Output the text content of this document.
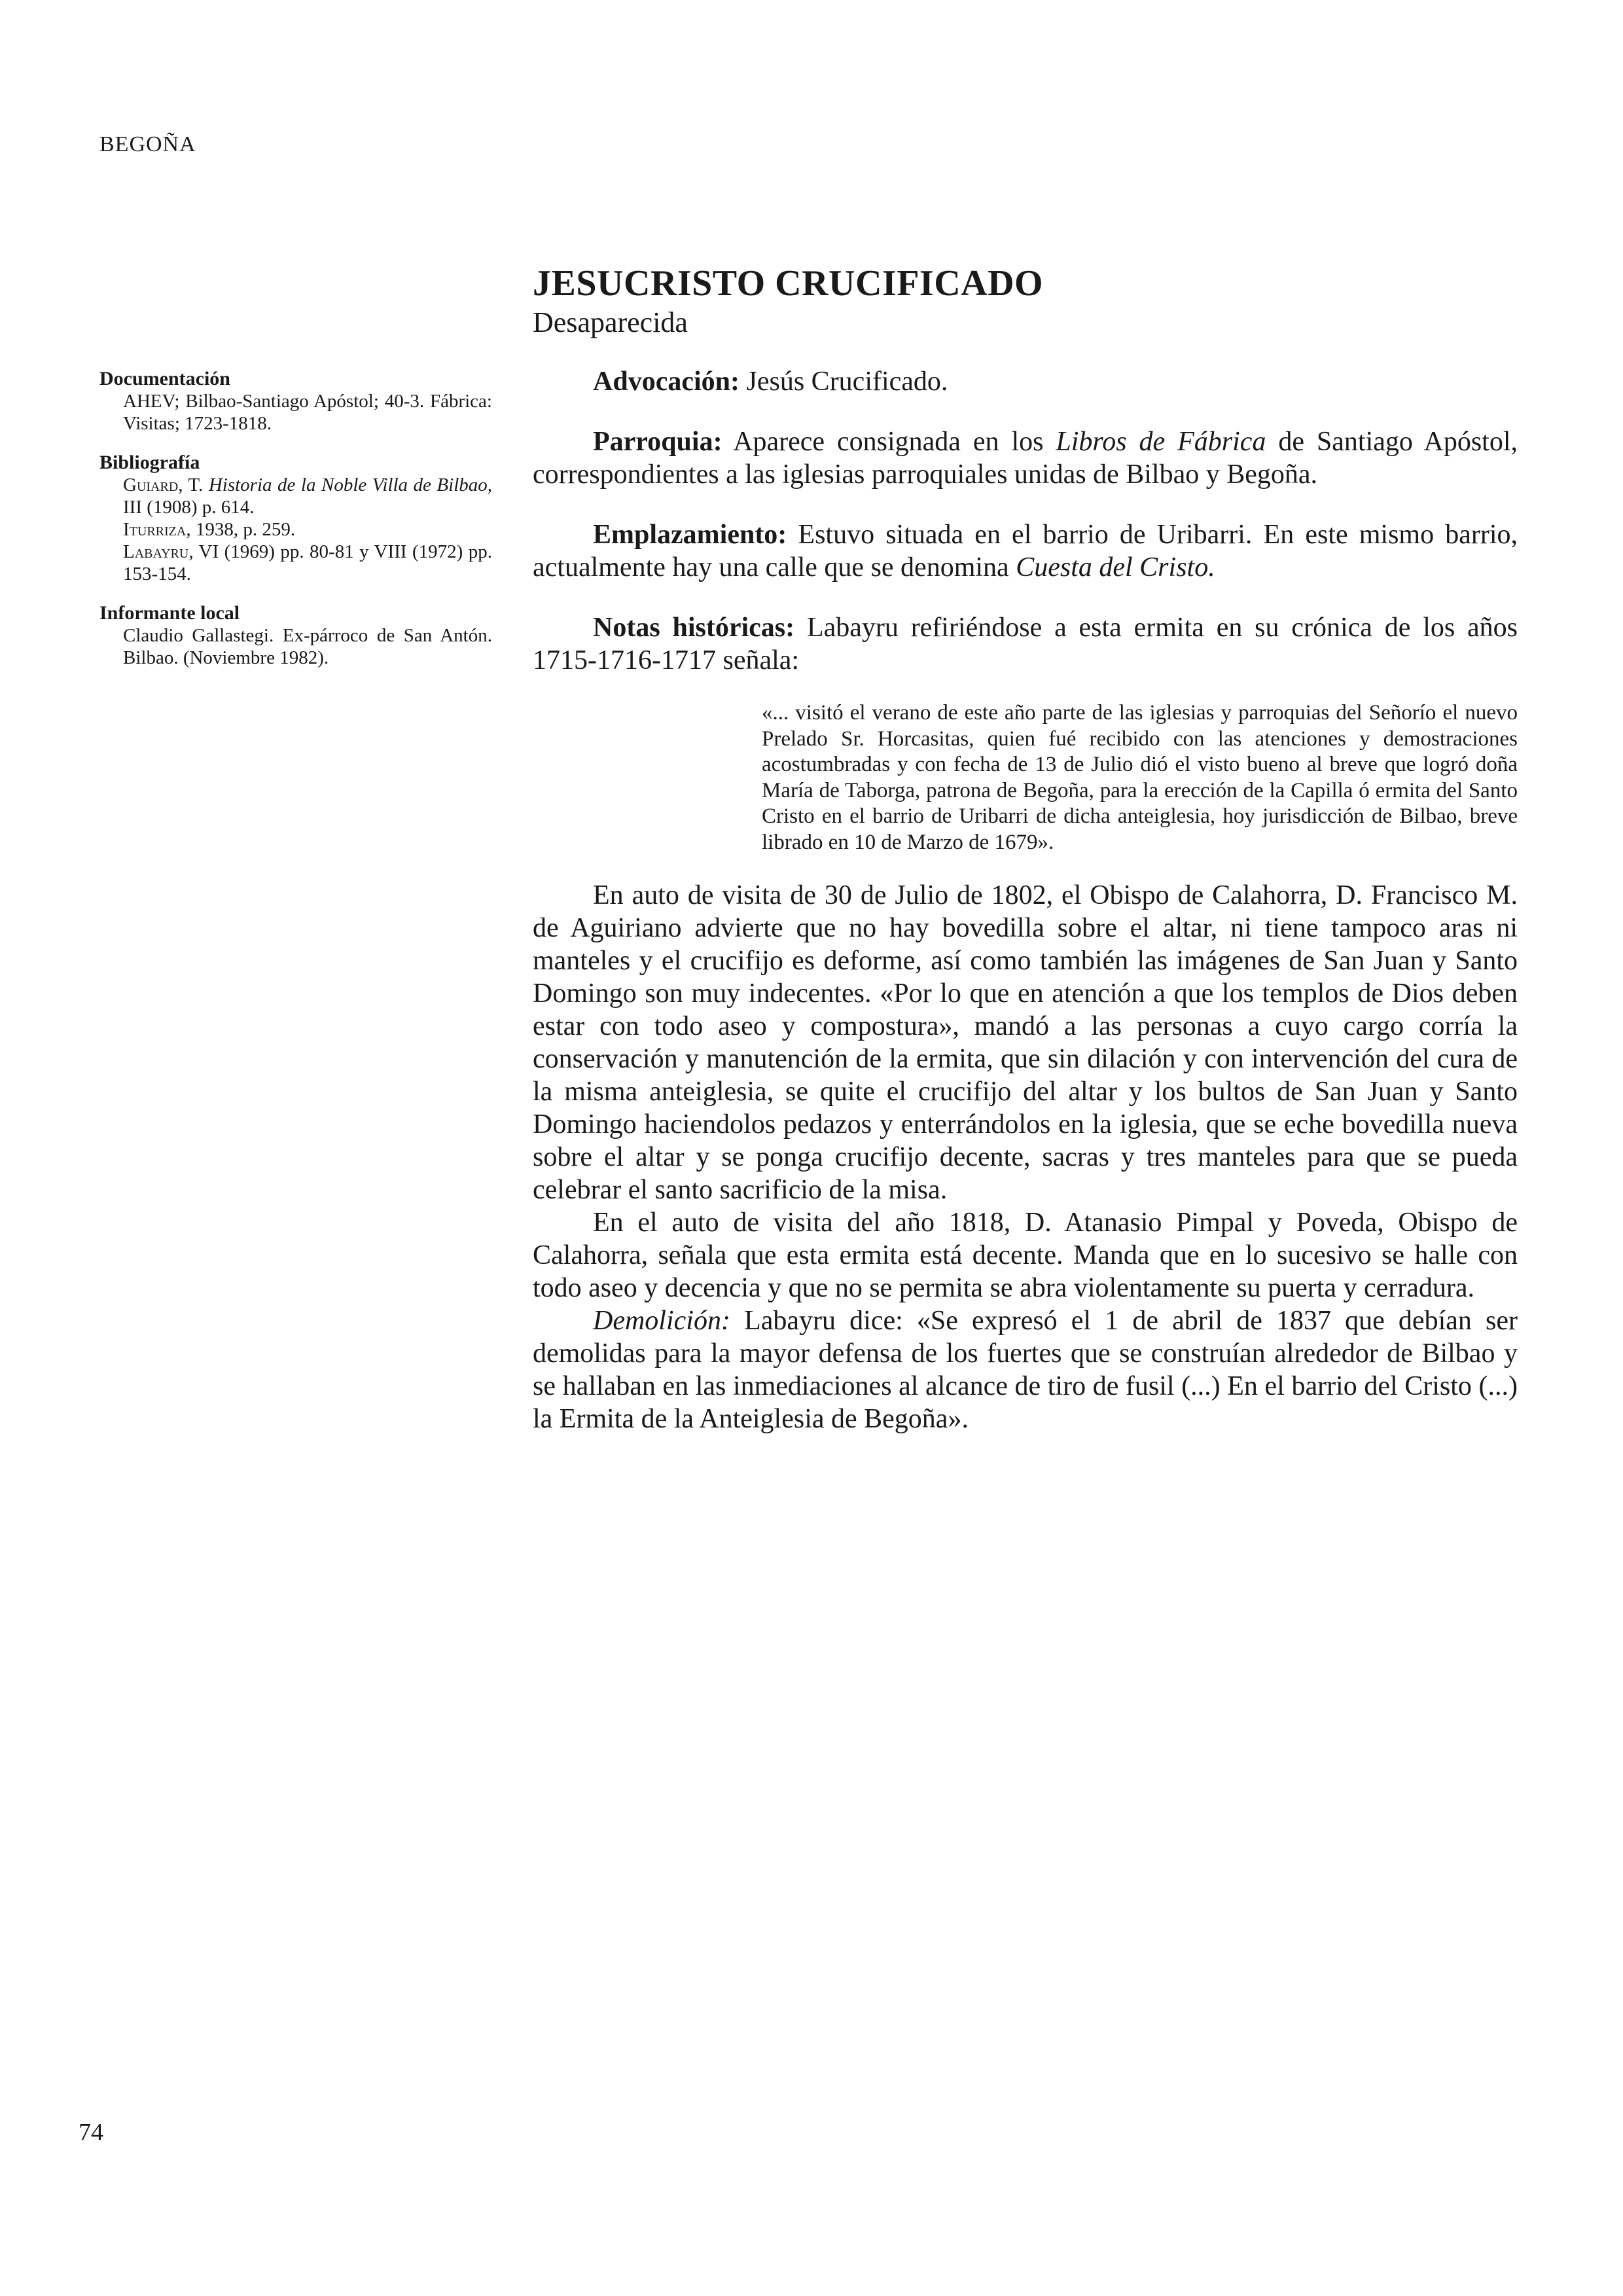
BEGOÑA
JESUCRISTO CRUCIFICADO

Desaparecida

Documentación

AHEV; Bilbao-Santiago Apóstol; 40-3. Fábrica: Visitas; 1723-1818.

Bibliografía

Guiard, T. Historia de la Noble Villa de Bilbao, III (1908) p. 614.

Iturriza, 1938, p. 259.

Labayru, VI (1969) pp. 80-81 y VIII (1972) pp. 153-154.

Informante local

Claudio Gallastegi. Ex-párroco de San Antón. Bilbao. (Noviembre 1982).

Advocación: Jesús Crucificado.

Parroquia: Aparece consignada en los Libros de Fábrica de Santiago Apóstol, correspondientes a las iglesias parroquiales unidas de Bilbao y Begoña.

Emplazamiento: Estuvo situada en el barrio de Uribarri. En este mismo barrio, actualmente hay una calle que se denomina Cuesta del Cristo.

Notas históricas: Labayru refiriéndose a esta ermita en su crónica de los años 1715-1716-1717 señala:

«... visitó el verano de este año parte de las iglesias y parroquias del Señorío el nuevo Prelado Sr. Horcasitas, quien fué recibido con las atenciones y demostraciones acostumbradas y con fecha de 13 de Julio dió el visto bueno al breve que logró doña María de Taborga, patrona de Begoña, para la erección de la Capilla ó ermita del Santo Cristo en el barrio de Uribarri de dicha anteiglesia, hoy jurisdicción de Bilbao, breve librado en 10 de Marzo de 1679».

En auto de visita de 30 de Julio de 1802, el Obispo de Calahorra, D. Francisco M. de Aguiriano advierte que no hay bovedilla sobre el altar, ni tiene tampoco aras ni manteles y el crucifijo es deforme, así como también las imágenes de San Juan y Santo Domingo son muy indecentes. «Por lo que en atención a que los templos de Dios deben estar con todo aseo y compostura», mandó a las personas a cuyo cargo corría la conservación y manutención de la ermita, que sin dilación y con intervención del cura de la misma anteiglesia, se quite el crucifijo del altar y los bultos de San Juan y Santo Domingo haciendolos pedazos y enterrándolos en la iglesia, que se eche bovedilla nueva sobre el altar y se ponga crucifijo decente, sacras y tres manteles para que se pueda celebrar el santo sacrificio de la misa.

En el auto de visita del año 1818, D. Atanasio Pimpal y Poveda, Obispo de Calahorra, señala que esta ermita está decente. Manda que en lo sucesivo se halle con todo aseo y decencia y que no se permita se abra violentamente su puerta y cerradura.

Demolición: Labayru dice: «Se expresó el 1 de abril de 1837 que debían ser demolidas para la mayor defensa de los fuertes que se construían alrededor de Bilbao y se hallaban en las inmediaciones al alcance de tiro de fusil (...) En el barrio del Cristo (...) la Ermita de la Anteiglesia de Begoña».

74
